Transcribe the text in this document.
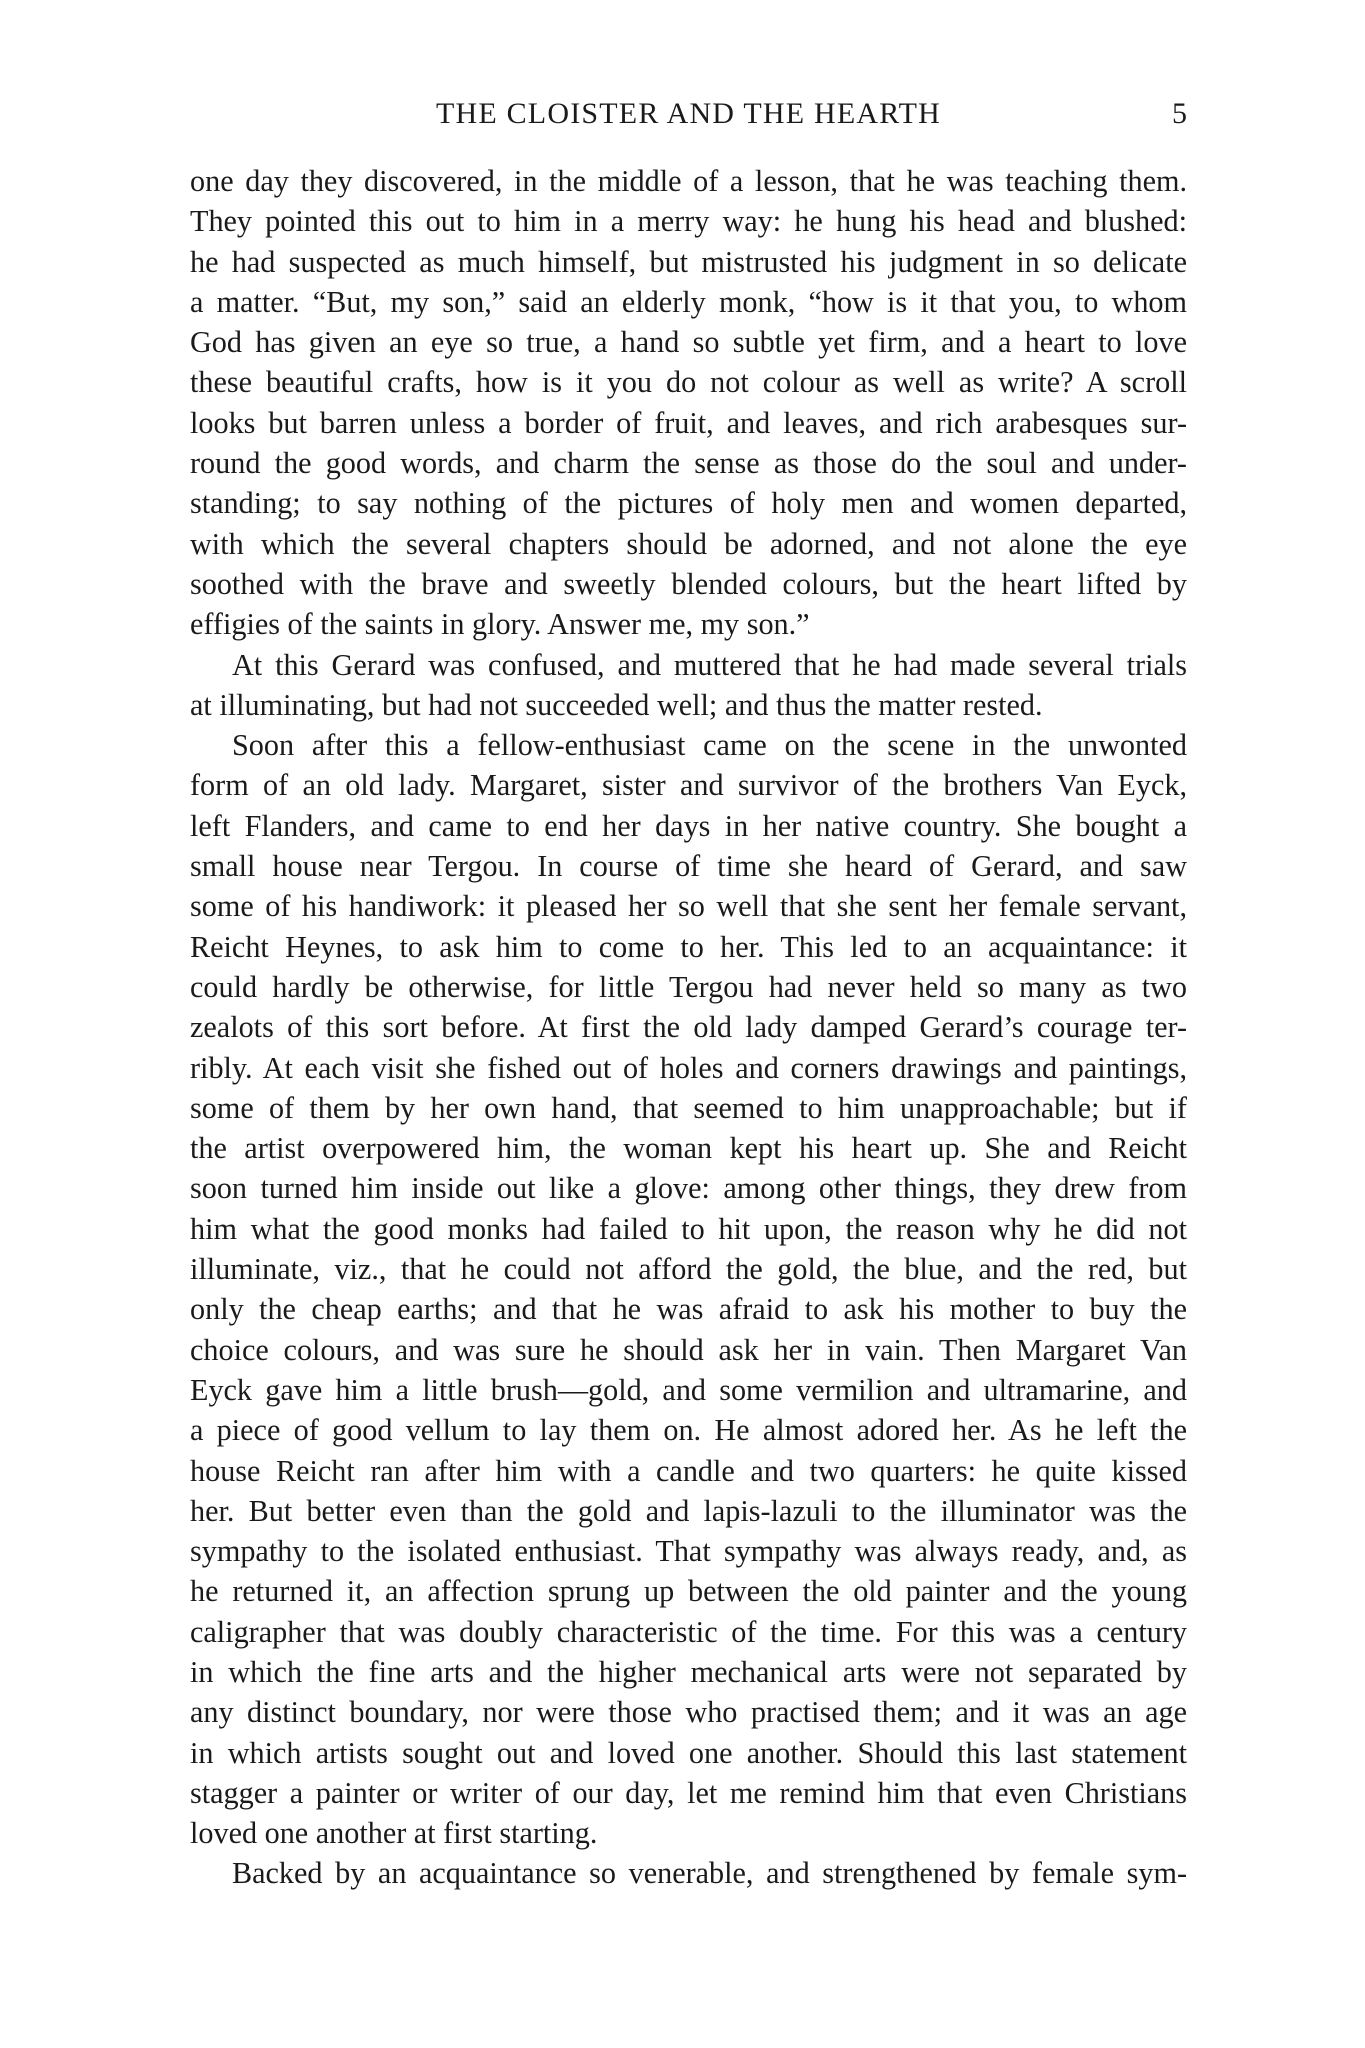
THE CLOISTER AND THE HEARTH	5
one day they discovered, in the middle of a lesson, that he was teaching them.
They pointed this out to him in a merry way: he hung his head and blushed:
he had suspected as much himself, but mistrusted his judgment in so delicate
a matter. “But, my son,” said an elderly monk, “how is it that you, to whom
God has given an eye so true, a hand so subtle yet firm, and a heart to love
these beautiful crafts, how is it you do not colour as well as write? A scroll
looks but barren unless a border of fruit, and leaves, and rich arabesques sur-
round the good words, and charm the sense as those do the soul and under-
standing; to say nothing of the pictures of holy men and women departed,
with which the several chapters should be adorned, and not alone the eye
soothed with the brave and sweetly blended colours, but the heart lifted by
effigies of the saints in glory. Answer me, my son.”
At this Gerard was confused, and muttered that he had made several trials
at illuminating, but had not succeeded well; and thus the matter rested.
Soon after this a fellow-enthusiast came on the scene in the unwonted
form of an old lady. Margaret, sister and survivor of the brothers Van Eyck,
left Flanders, and came to end her days in her native country. She bought a
small house near Tergou. In course of time she heard of Gerard, and saw
some of his handiwork: it pleased her so well that she sent her female servant,
Reicht Heynes, to ask him to come to her. This led to an acquaintance: it
could hardly be otherwise, for little Tergou had never held so many as two
zealots of this sort before. At first the old lady damped Gerard’s courage ter-
ribly. At each visit she fished out of holes and corners drawings and paintings,
some of them by her own hand, that seemed to him unapproachable; but if
the artist overpowered him, the woman kept his heart up. She and Reicht
soon turned him inside out like a glove: among other things, they drew from
him what the good monks had failed to hit upon, the reason why he did not
illuminate, viz., that he could not afford the gold, the blue, and the red, but
only the cheap earths; and that he was afraid to ask his mother to buy the
choice colours, and was sure he should ask her in vain. Then Margaret Van
Eyck gave him a little brush—gold, and some vermilion and ultramarine, and
a piece of good vellum to lay them on. He almost adored her. As he left the
house Reicht ran after him with a candle and two quarters: he quite kissed
her. But better even than the gold and lapis-lazuli to the illuminator was the
sympathy to the isolated enthusiast. That sympathy was always ready, and, as
he returned it, an affection sprung up between the old painter and the young
caligrapher that was doubly characteristic of the time. For this was a century
in which the fine arts and the higher mechanical arts were not separated by
any distinct boundary, nor were those who practised them; and it was an age
in which artists sought out and loved one another. Should this last statement
stagger a painter or writer of our day, let me remind him that even Christians
loved one another at first starting.
Backed by an acquaintance so venerable, and strengthened by female sym-
